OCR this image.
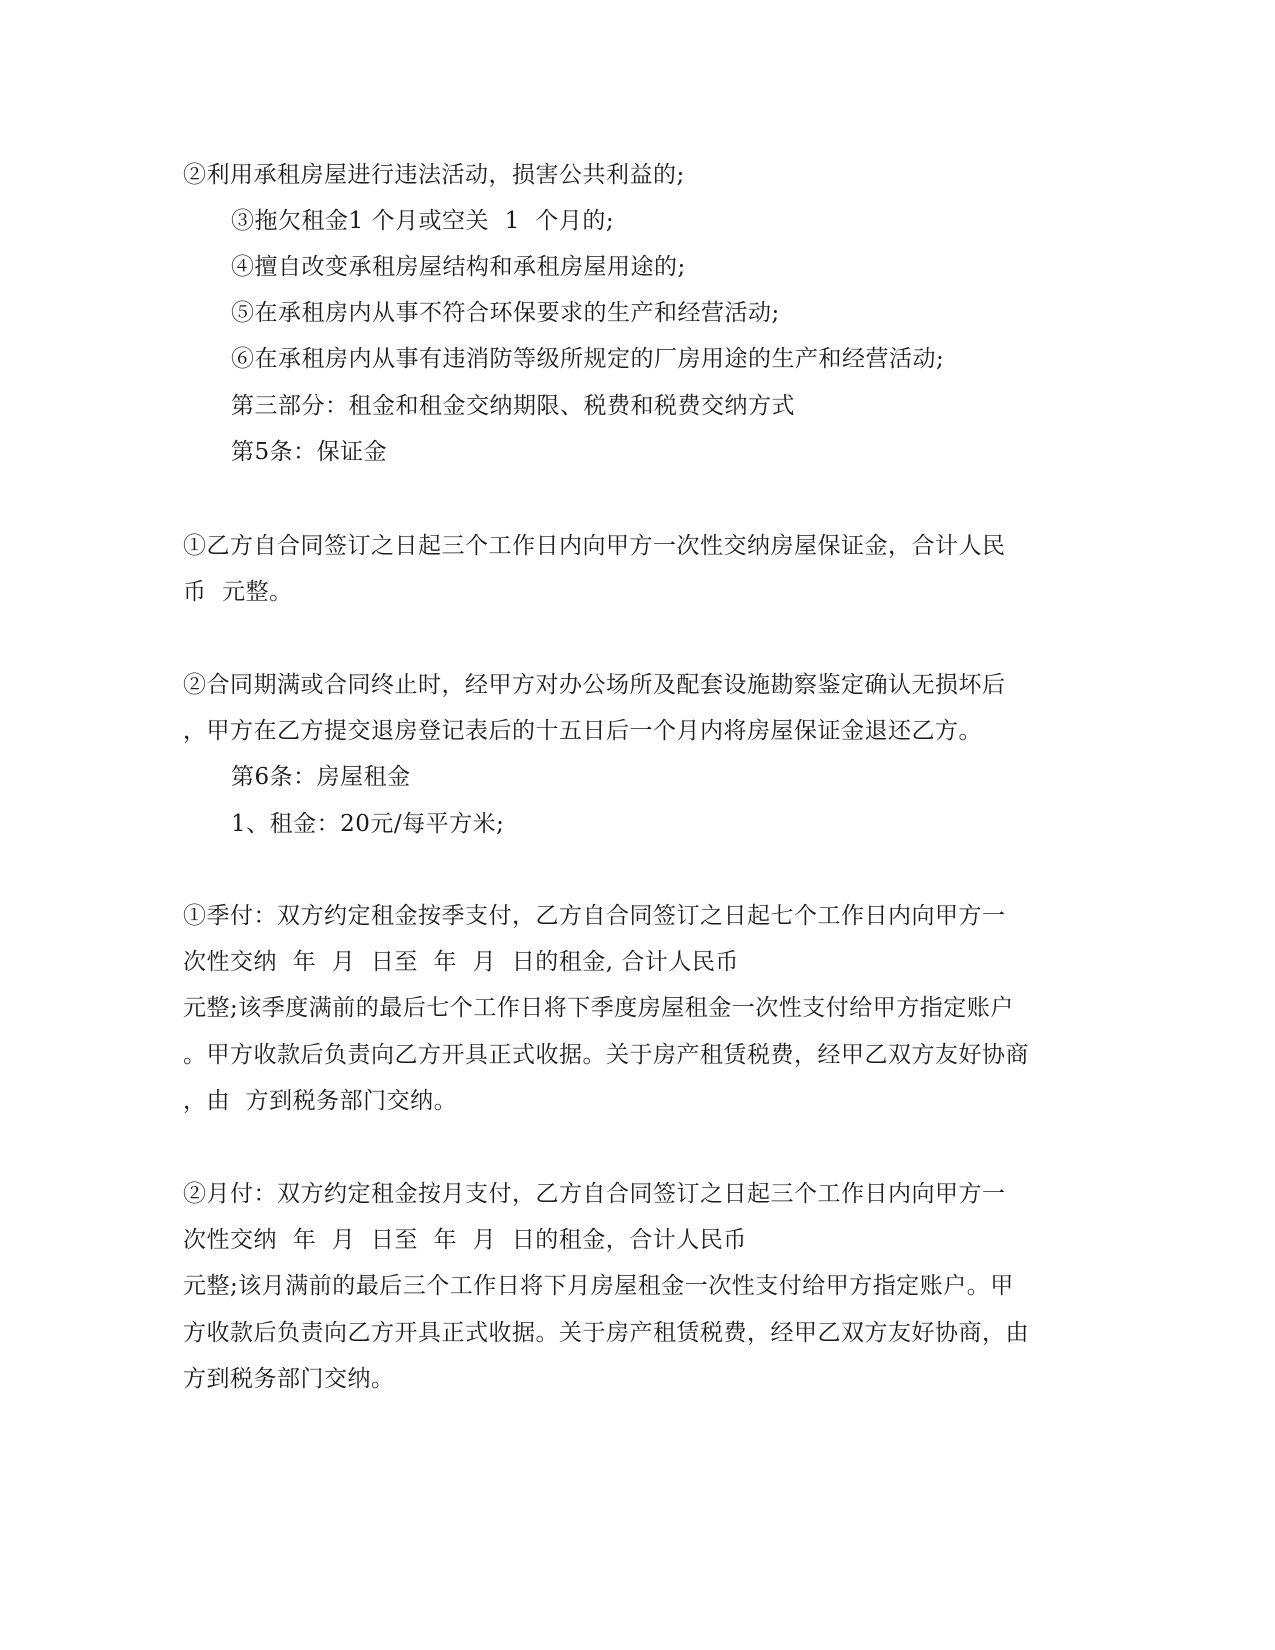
②利用承租房屋进行违法活动，损害公共利益的;
③拖欠租金1 个月或空关  1  个月的;
④擅自改变承租房屋结构和承租房屋用途的;
⑤在承租房内从事不符合环保要求的生产和经营活动;
⑥在承租房内从事有违消防等级所规定的厂房用途的生产和经营活动;
第三部分：租金和租金交纳期限、税费和税费交纳方式
第5条：保证金
①乙方自合同签订之日起三个工作日内向甲方一次性交纳房屋保证金，合计人民
币  元整。
②合同期满或合同终止时，经甲方对办公场所及配套设施勘察鉴定确认无损坏后
，甲方在乙方提交退房登记表后的十五日后一个月内将房屋保证金退还乙方。
第6条：房屋租金
1、租金：20元/每平方米;
①季付：双方约定租金按季支付，乙方自合同签订之日起七个工作日内向甲方一
次性交纳  年  月  日至  年  月  日的租金, 合计人民币
元整;该季度满前的最后七个工作日将下季度房屋租金一次性支付给甲方指定账户
。甲方收款后负责向乙方开具正式收据。关于房产租赁税费，经甲乙双方友好协商
，由  方到税务部门交纳。
②月付：双方约定租金按月支付，乙方自合同签订之日起三个工作日内向甲方一
次性交纳  年  月  日至  年  月  日的租金，合计人民币
元整;该月满前的最后三个工作日将下月房屋租金一次性支付给甲方指定账户。甲
方收款后负责向乙方开具正式收据。关于房产租赁税费，经甲乙双方友好协商，由
方到税务部门交纳。
